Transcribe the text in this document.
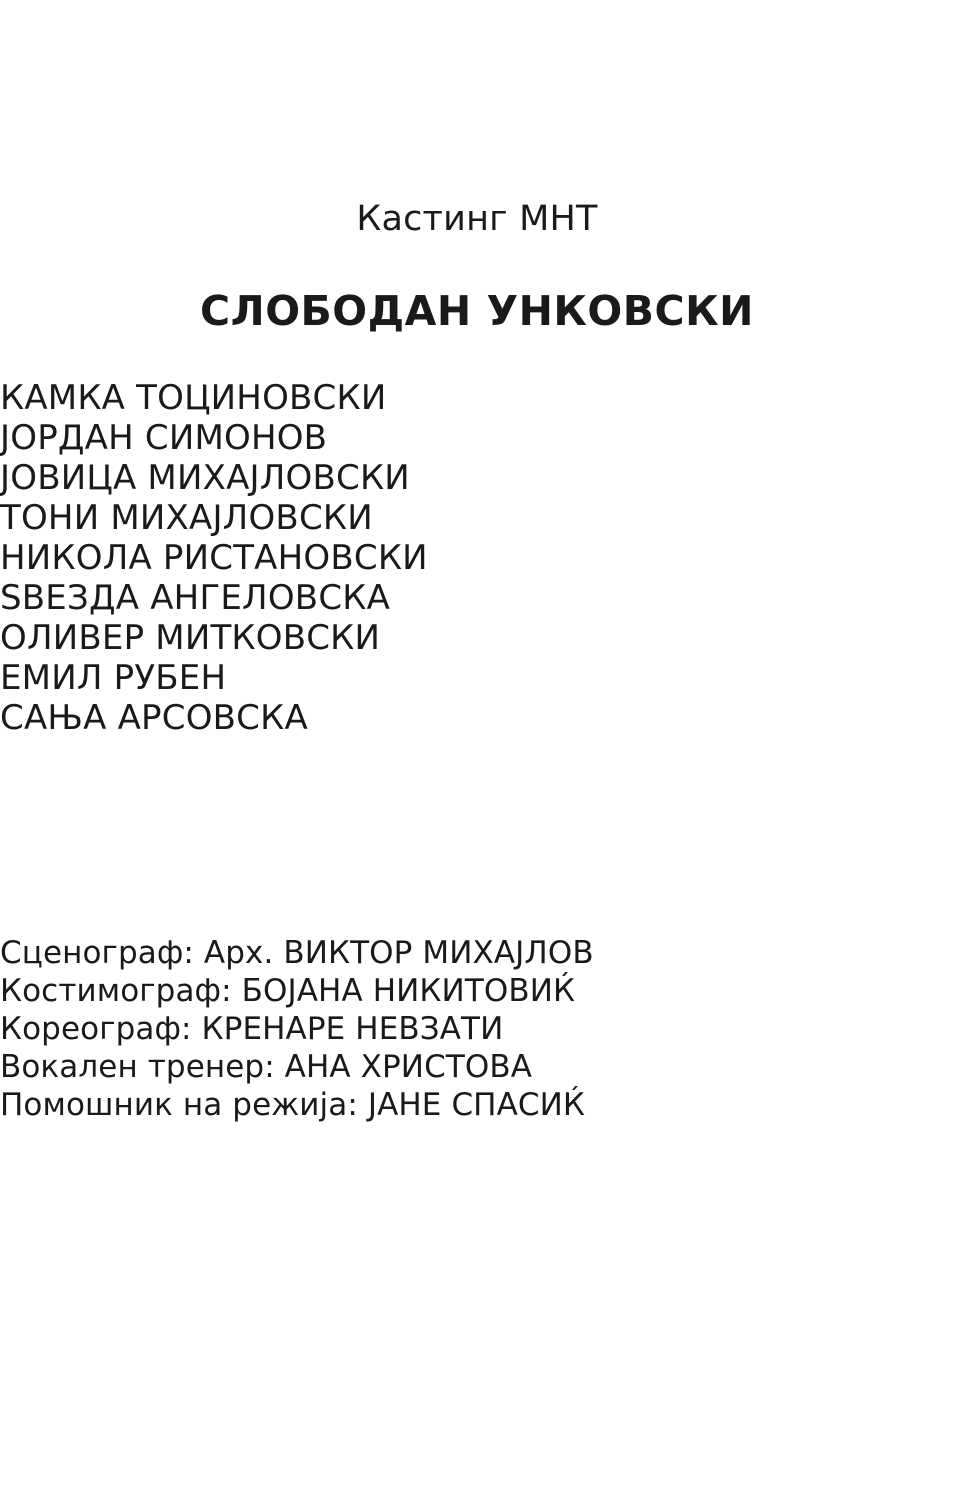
Кастинг МНТ
СЛОБОДАН УНКОВСКИ
КАМКА ТОЦИНОВСКИ
ЈОРДАН СИМОНОВ
ЈОВИЦА МИХАЈЛОВСКИ
ТОНИ МИХАЈЛОВСКИ
НИКОЛА РИСТАНОВСКИ
SВЕЗДА АНГЕЛОВСКА
ОЛИВЕР МИТКОВСКИ
ЕМИЛ РУБЕН
САЊА АРСОВСКА
Сценограф: Арх. ВИКТОР МИХАЈЛОВ
Костимограф: БОЈАНА НИКИТОВИЌ
Кореограф: КРЕНАРЕ НЕВЗАТИ
Вокален тренер: АНА ХРИСТОВА
Помошник на режија: ЈАНЕ СПАСИЌ
